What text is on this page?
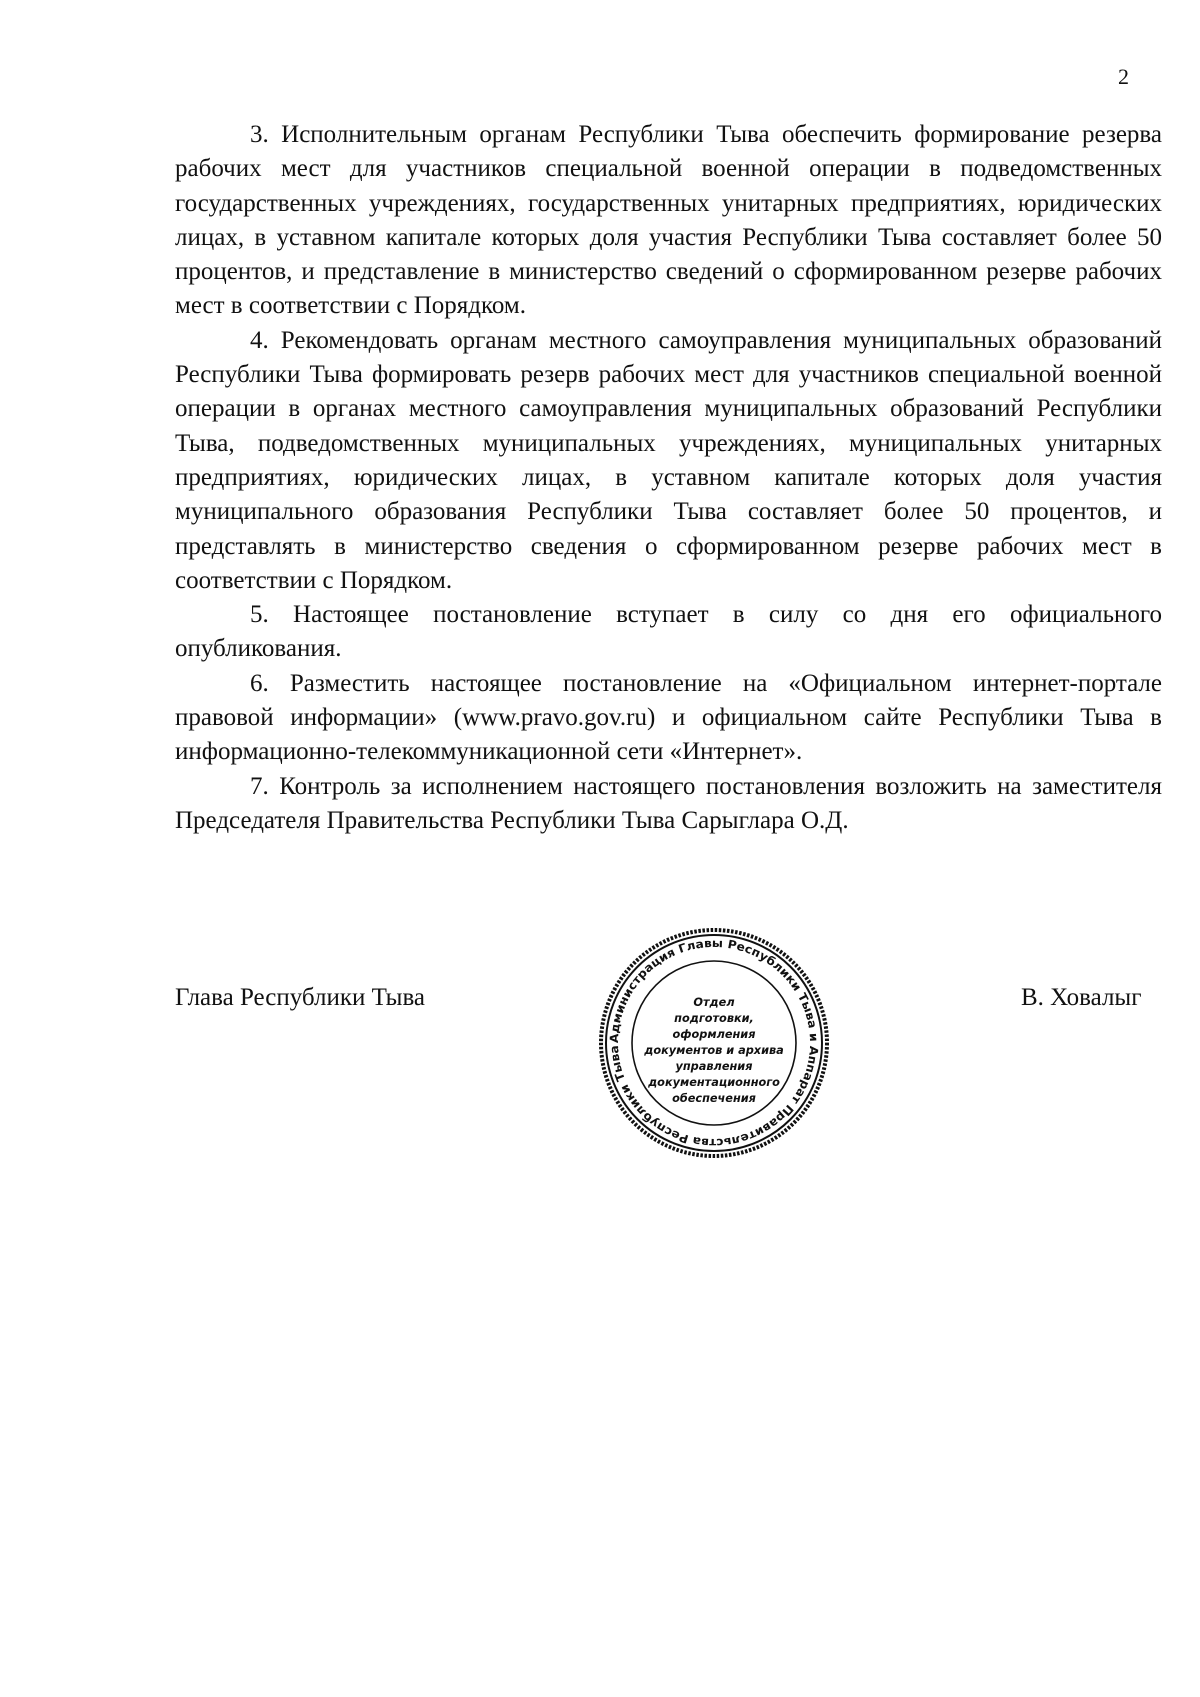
2

3. Исполнительным органам Республики Тыва обеспечить формирование резерва рабочих мест для участников специальной военной операции в подведомственных государственных учреждениях, государственных унитарных предприятиях, юридических лицах, в уставном капитале которых доля участия Республики Тыва составляет более 50 процентов, и представление в министерство сведений о сформированном резерве рабочих мест в соответствии с Порядком.

4. Рекомендовать органам местного самоуправления муниципальных образований Республики Тыва формировать резерв рабочих мест для участников специальной военной операции в органах местного самоуправления муниципальных образований Республики Тыва, подведомственных муниципальных учреждениях, муниципальных унитарных предприятиях, юридических лицах, в уставном капитале которых доля участия муниципального образования Республики Тыва составляет более 50 процентов, и представлять в министерство сведения о сформированном резерве рабочих мест в соответствии с Порядком.

5. Настоящее постановление вступает в силу со дня его официального опубликования.

6. Разместить настоящее постановление на «Официальном интернет-портале правовой информации» (www.pravo.gov.ru) и официальном сайте Республики Тыва в информационно-телекоммуникационной сети «Интернет».

7. Контроль за исполнением настоящего постановления возложить на заместителя Председателя Правительства Республики Тыва Сарыглара О.Д.

Глава Республики Тыва	В. Ховалыг
Администрация Главы Республики Тыва и Аппарат Правительства Республики Тыва
Отдел
подготовки,
оформления
документов и архива
управления
документационного
обеспечения
